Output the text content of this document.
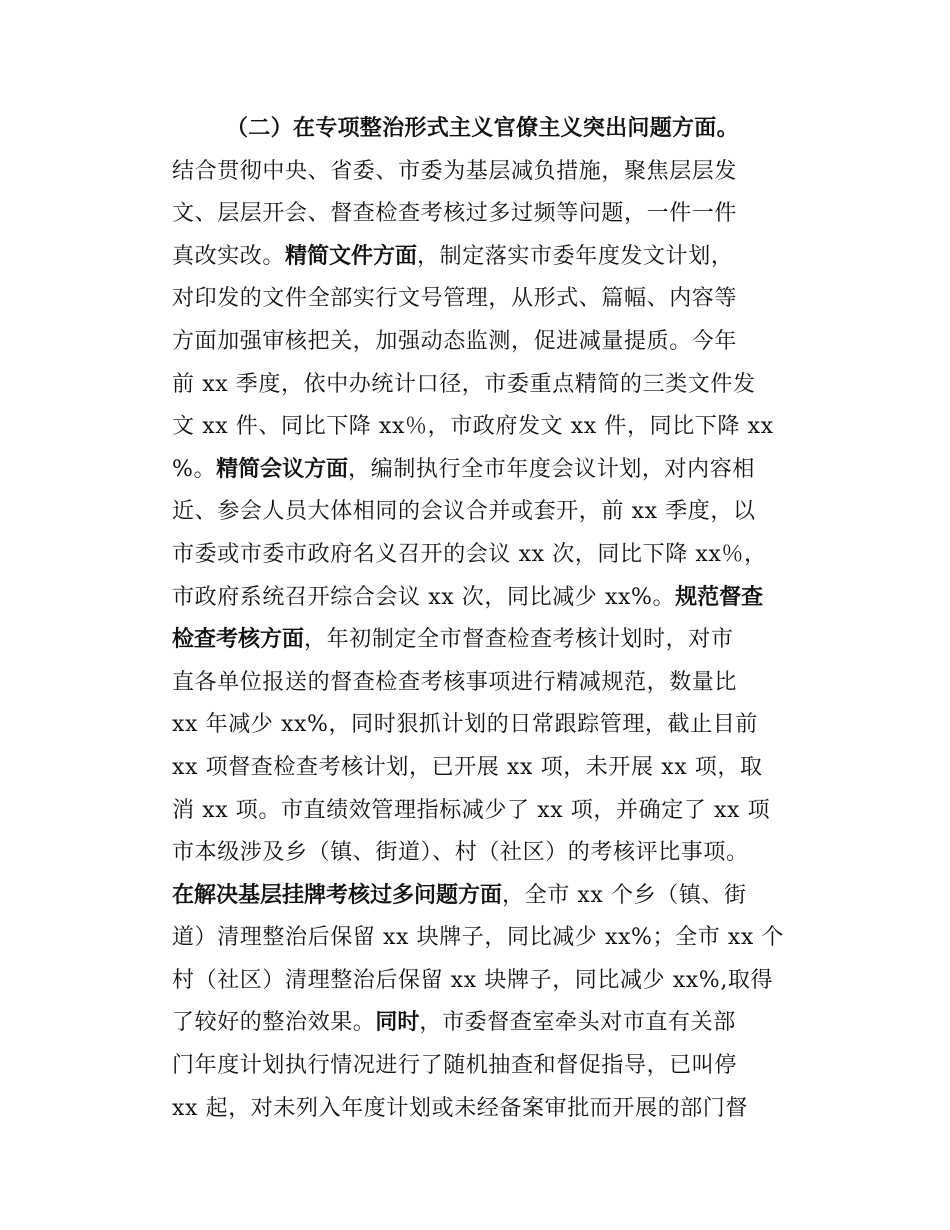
（二）在专项整治形式主义官僚主义突出问题方面。
结合贯彻中央、省委、市委为基层减负措施，聚焦层层发
文、层层开会、督查检查考核过多过频等问题，一件一件
真改实改。精简文件方面，制定落实市委年度发文计划，
对印发的文件全部实行文号管理，从形式、篇幅、内容等
方面加强审核把关，加强动态监测，促进减量提质。今年
前 xx 季度，依中办统计口径，市委重点精简的三类文件发
文 xx 件、同比下降 xx％，市政府发文 xx 件，同比下降 xx
%。精简会议方面，编制执行全市年度会议计划，对内容相
近、参会人员大体相同的会议合并或套开，前 xx 季度，以
市委或市委市政府名义召开的会议 xx 次，同比下降 xx％，
市政府系统召开综合会议 xx 次，同比减少 xx%。规范督查
检查考核方面，年初制定全市督查检查考核计划时，对市
直各单位报送的督查检查考核事项进行精减规范，数量比
xx 年减少 xx%，同时狠抓计划的日常跟踪管理，截止目前
xx 项督查检查考核计划，已开展 xx 项，未开展 xx 项，取
消 xx 项。市直绩效管理指标减少了 xx 项，并确定了 xx 项
市本级涉及乡（镇、街道）、村（社区）的考核评比事项。
在解决基层挂牌考核过多问题方面，全市 xx 个乡（镇、街
道）清理整治后保留 xx 块牌子，同比减少 xx%；全市 xx 个
村（社区）清理整治后保留 xx 块牌子，同比减少 xx%,取得
了较好的整治效果。同时，市委督查室牵头对市直有关部
门年度计划执行情况进行了随机抽查和督促指导，已叫停
xx 起，对未列入年度计划或未经备案审批而开展的部门督
